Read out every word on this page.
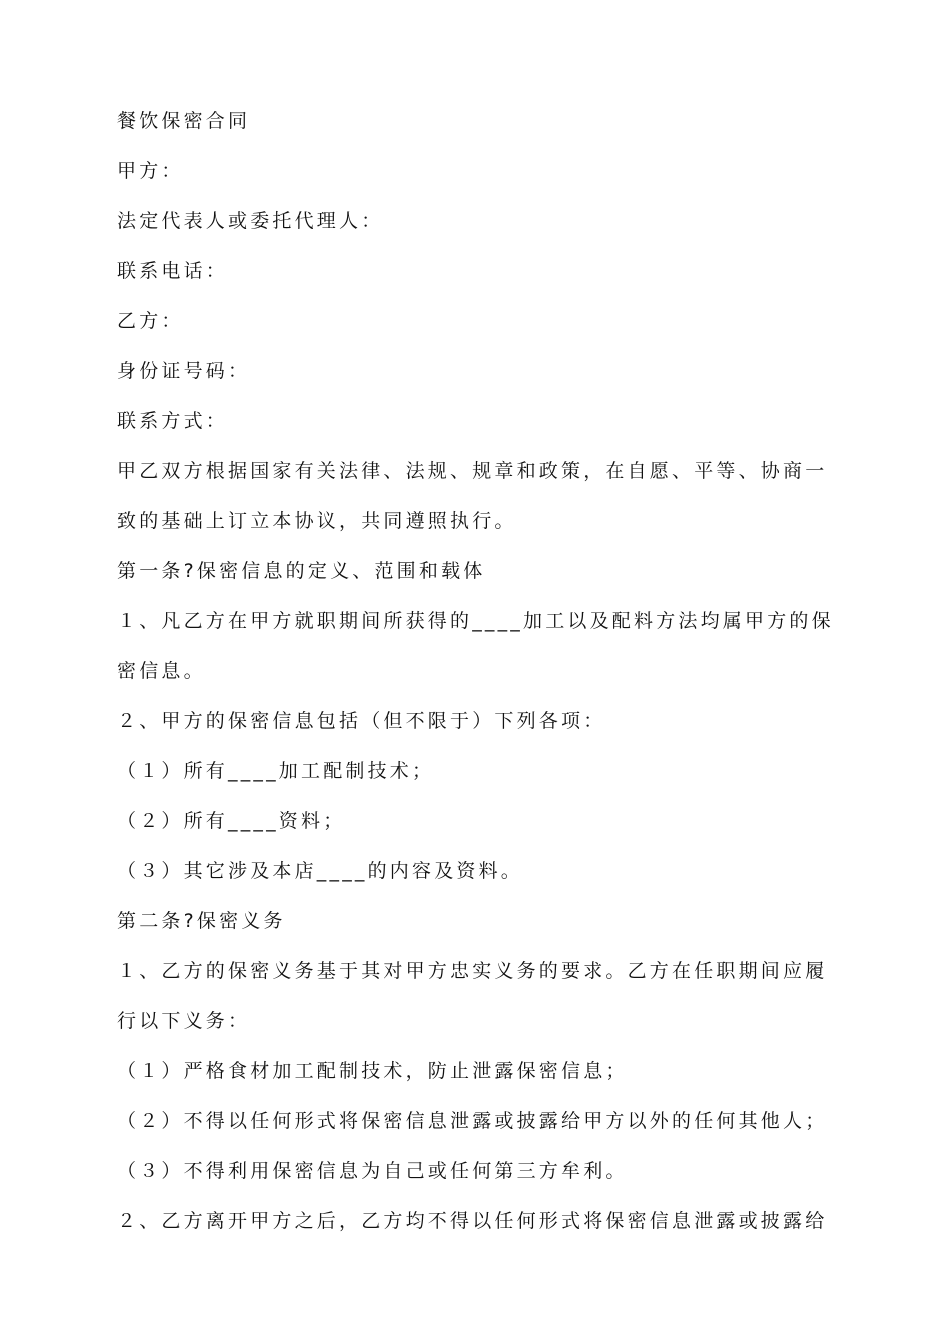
餐饮保密合同
甲方：
法定代表人或委托代理人：
联系电话：
乙方：
身份证号码：
联系方式：
甲乙双方根据国家有关法律、法规、规章和政策，在自愿、平等、协商一
致的基础上订立本协议，共同遵照执行。
第一条?保密信息的定义、范围和载体
１、凡乙方在甲方就职期间所获得的____加工以及配料方法均属甲方的保
密信息。
２、甲方的保密信息包括（但不限于）下列各项：
（１）所有____加工配制技术；
（２）所有____资料；
（３）其它涉及本店____的内容及资料。
第二条?保密义务
１、乙方的保密义务基于其对甲方忠实义务的要求。乙方在任职期间应履
行以下义务：
（１）严格食材加工配制技术，防止泄露保密信息；
（２）不得以任何形式将保密信息泄露或披露给甲方以外的任何其他人；
（３）不得利用保密信息为自己或任何第三方牟利。
２、乙方离开甲方之后，乙方均不得以任何形式将保密信息泄露或披露给
